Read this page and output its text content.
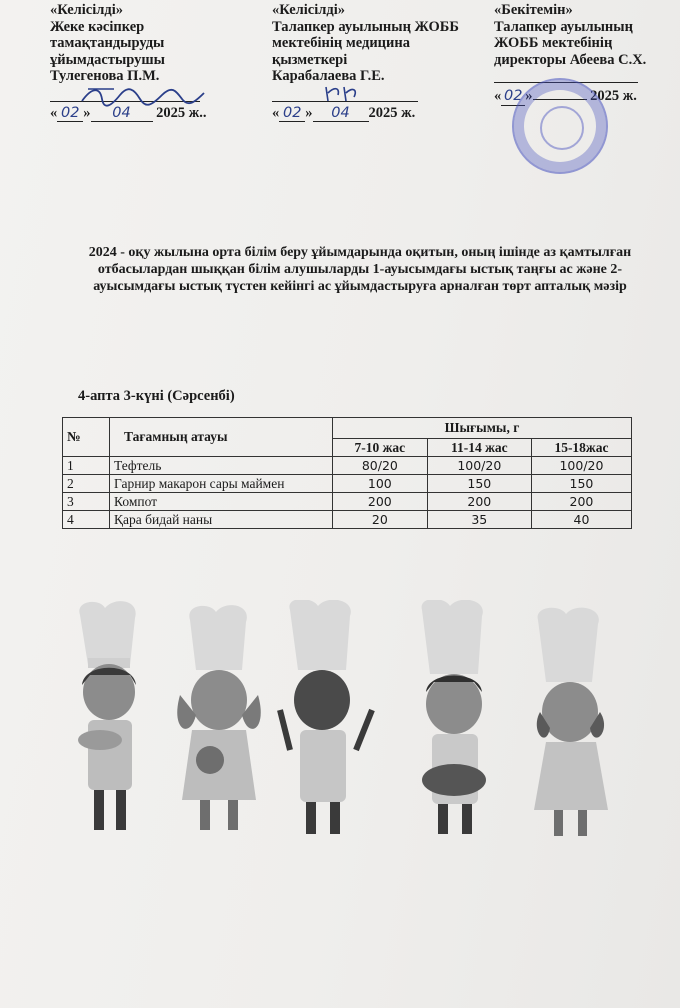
«Келісілді»
Жеке кәсіпкер
тамақтандыруды
ұйымдастырушы
Тулегенова П.М.
« 02 » 04 2025 ж..
«Келісілді»
Талапкер ауылының ЖОББ
мектебінің медицина
қызметкері
Карабалаева Г.Е.
« 02 » 04 2025 ж.
«Бекітемін»
Талапкер ауылының
ЖОББ мектебінің
директоры Абеева С.Х.
« 02 »	2025 ж.
2024 - оқу жылына орта білім беру ұйымдарында оқитын, оның ішінде аз қамтылған отбасылардан шыққан білім алушыларды 1-ауысымдағы ыстық таңғы ас және 2-ауысымдағы ыстық түстен кейінгі ас ұйымдастыруға арналған төрт апталық мәзір
4-апта 3-күні (Сәрсенбі)
№	Тағамның атауы	Шығымы, г		
		7-10 жас	11-14 жас	15-18жас
1	Тефтель	80/20	100/20	100/20
2	Гарнир макарон сары маймен	100	150	150
3	Компот	200	200	200
4	Қара бидай наны	20	35	40
